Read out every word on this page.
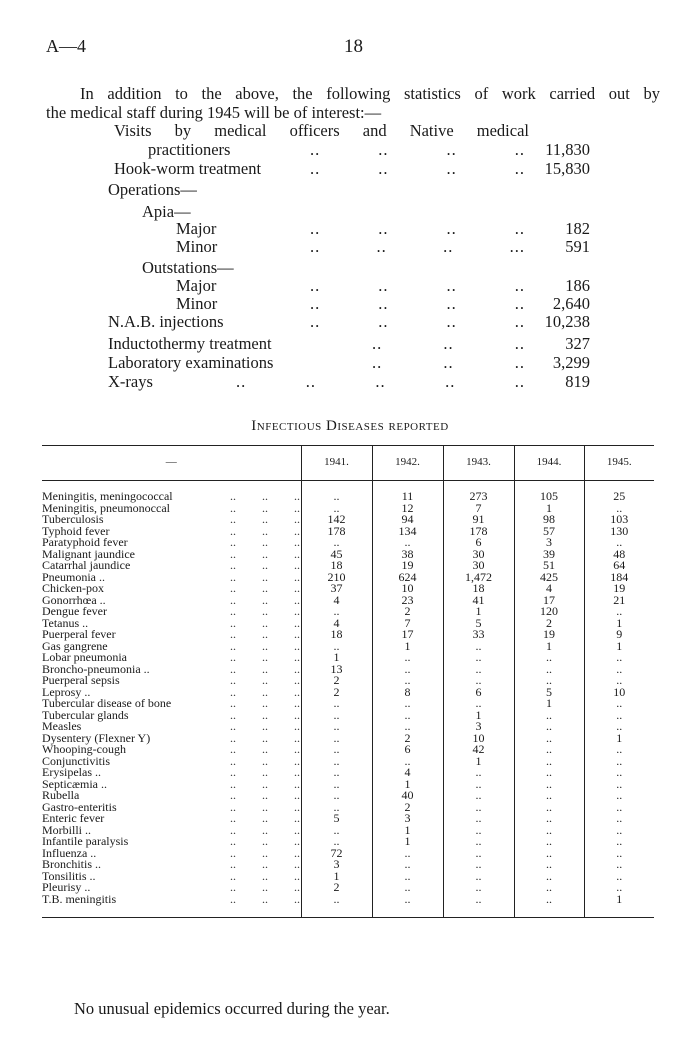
A—4	18
In addition to the above, the following statistics of work carried out by
the medical staff during 1945 will be of interest:—
Visits by medical officers and Native medical
practitioners	..	..	..	.. 11,830
Hook-worm treatment	..	..	..	.. 15,830
Operations—
Apia—
Major	..	..	..	.. 182
Minor	..	..	..	... 591
Outstations—
Major	..	..	..	.. 186
Minor	..	..	..	.. 2,640
N.A.B. injections	..	..	..	.. 10,238
Inductothermy treatment	..	..	.. 327
Laboratory examinations	..	..	.. 3,299
X-rays	..	..	..	..	.. 819
Infectious Diseases reported
—	1941.	1942.	1943.	1944.	1945.

Meningitis, meningococcal .. .. ..	..	11	273	105	25
Meningitis, pneumonoccal .. .. ..	..	12	7	1	..
Tuberculosis .. .. ..	142	94	91	98	103
Typhoid fever .. .. ..	178	134	178	57	130
Paratyphoid fever .. .. ..	..	..	6	3	..
Malignant jaundice .. .. ..	45	38	30	39	48
Catarrhal jaundice .. .. ..	18	19	30	51	64
Pneumonia .. .. .. ..	210	624	1,472	425	184
Chicken-pox .. .. ..	37	10	18	4	19
Gonorrhœa .. .. .. ..	4	23	41	17	21
Dengue fever .. .. ..	..	2	1	120	..
Tetanus .. .. .. ..	4	7	5	2	1
Puerperal fever .. .. ..	18	17	33	19	9
Gas gangrene .. .. ..	..	1	..	1	1
Lobar pneumonia .. .. ..	1	..	..	..	..
Broncho-pneumonia .. .. .. ..	13	..	..	..	..
Puerperal sepsis .. .. ..	2	..	..	..	..
Leprosy .. .. .. ..	2	8	6	5	10
Tubercular disease of bone .. .. ..	..	..	..	1	..
Tubercular glands .. .. ..	..	..	1	..	..
Measles .. .. ..	..	..	3	..	..
Dysentery (Flexner Y) .. .. ..	..	2	10	..	1
Whooping-cough .. .. ..	..	6	42	..	..
Conjunctivitis .. .. ..	..	..	1	..	..
Erysipelas .. .. .. ..	..	4	..	..	..
Septicæmia .. .. .. ..	..	1	..	..	..
Rubella .. .. ..	..	40	..	..	..
Gastro-enteritis .. .. ..	..	2	..	..	..
Enteric fever .. .. ..	5	3	..	..	..
Morbilli .. .. .. ..	..	1	..	..	..
Infantile paralysis .. .. ..	..	1	..	..	..
Influenza .. .. .. ..	72	..	..	..	..
Bronchitis .. .. .. ..	3	..	..	..	..
Tonsilitis .. .. .. ..	1	..	..	..	..
Pleurisy .. .. .. ..	2	..	..	..	..
T.B. meningitis .. .. ..	..	..	..	..	1

No unusual epidemics occurred during the year.
